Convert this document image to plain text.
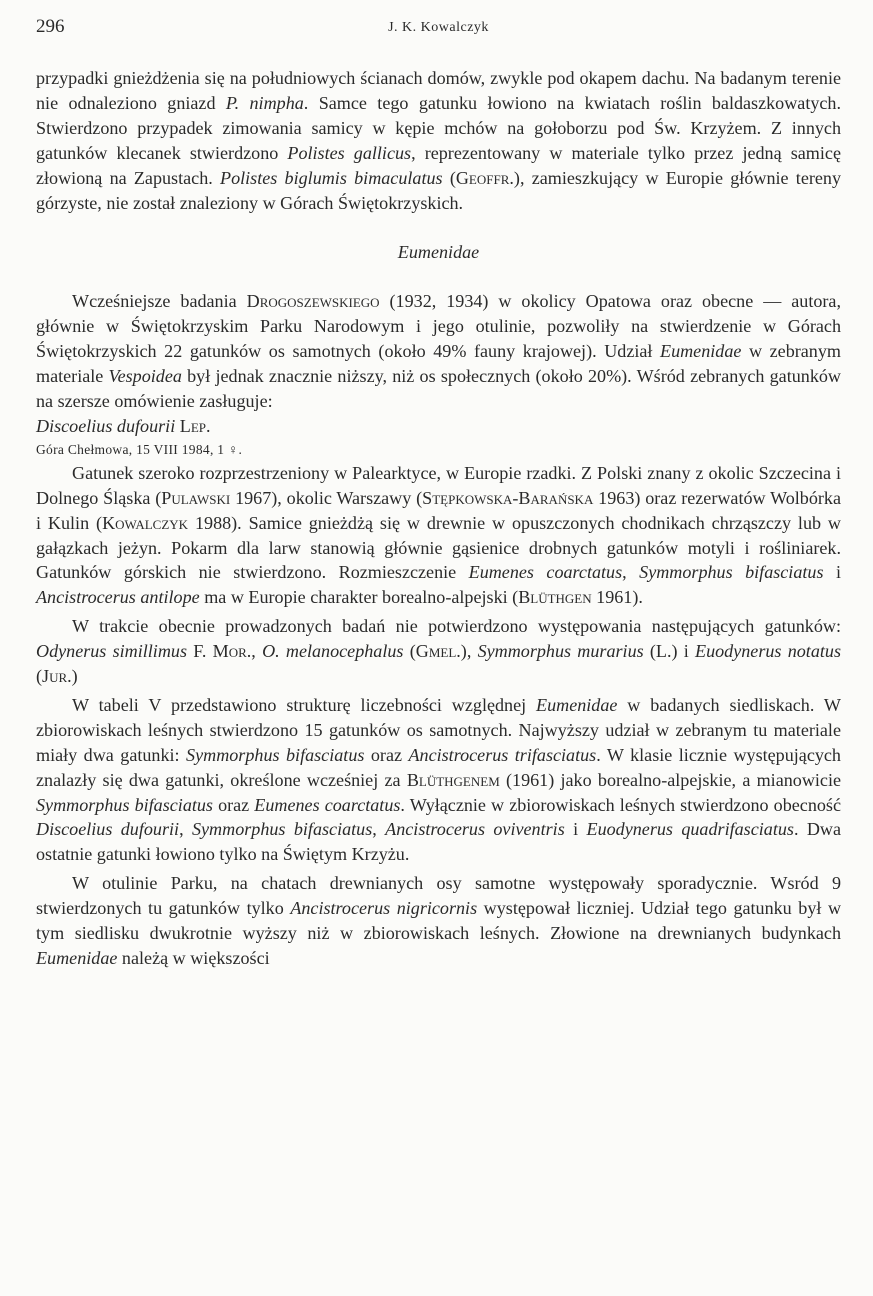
296	J. K. Kowalczyk

przypadki gnieżdżenia się na południowych ścianach domów, zwykle pod okapem dachu. Na badanym terenie nie odnaleziono gniazd P. nimpha. Samce tego gatunku łowiono na kwiatach roślin baldaszkowatych. Stwierdzono przypadek zimowania samicy w kępie mchów na gołoborzu pod Św. Krzyżem. Z innych gatunków klecanek stwierdzono Polistes gallicus, reprezentowany w materiale tylko przez jedną samicę złowioną na Zapustach. Polistes biglumis bimaculatus (Geoffr.), zamieszkujący w Europie głównie tereny górzyste, nie został znaleziony w Górach Świętokrzyskich.

Eumenidae

Wcześniejsze badania Drogoszewskiego (1932, 1934) w okolicy Opatowa oraz obecne — autora, głównie w Świętokrzyskim Parku Narodowym i jego otulinie, pozwoliły na stwierdzenie w Górach Świętokrzyskich 22 gatunków os samotnych (około 49% fauny krajowej). Udział Eumenidae w zebranym materiale Vespoidea był jednak znacznie niższy, niż os społecznych (około 20%). Wśród zebranych gatunków na szersze omówienie zasługuje:

Discoelius dufourii Lep.

Góra Chełmowa, 15 VIII 1984, 1 ♀.

Gatunek szeroko rozprzestrzeniony w Palearktyce, w Europie rzadki. Z Polski znany z okolic Szczecina i Dolnego Śląska (Pulawski 1967), okolic Warszawy (Stępkowska-Barańska 1963) oraz rezerwatów Wolbórka i Kulin (Kowalczyk 1988). Samice gnieżdżą się w drewnie w opuszczonych chodnikach chrząszczy lub w gałązkach jeżyn. Pokarm dla larw stanowią głównie gąsienice drobnych gatunków motyli i rośliniarek. Gatunków górskich nie stwierdzono. Rozmieszczenie Eumenes coarctatus, Symmorphus bifasciatus i Ancistrocerus antilope ma w Europie charakter borealno-alpejski (Blüthgen 1961).

W trakcie obecnie prowadzonych badań nie potwierdzono występowania następujących gatunków: Odynerus simillimus F. Mor., O. melanocephalus (Gmel.), Symmorphus murarius (L.) i Euodynerus notatus (Jur.)

W tabeli V przedstawiono strukturę liczebności względnej Eumenidae w badanych siedliskach. W zbiorowiskach leśnych stwierdzono 15 gatunków os samotnych. Najwyższy udział w zebranym tu materiale miały dwa gatunki: Symmorphus bifasciatus oraz Ancistrocerus trifasciatus. W klasie licznie występujących znalazły się dwa gatunki, określone wcześniej za Blüthgenem (1961) jako borealno-alpejskie, a mianowicie Symmorphus bifasciatus oraz Eumenes coarctatus. Wyłącznie w zbiorowiskach leśnych stwierdzono obecność Discoelius dufourii, Symmorphus bifasciatus, Ancistrocerus oviventris i Euodynerus quadrifasciatus. Dwa ostatnie gatunki łowiono tylko na Świętym Krzyżu.

W otulinie Parku, na chatach drewnianych osy samotne występowały sporadycznie. Wsród 9 stwierdzonych tu gatunków tylko Ancistrocerus nigricornis występował liczniej. Udział tego gatunku był w tym siedlisku dwukrotnie wyższy niż w zbiorowiskach leśnych. Złowione na drewnianych budynkach Eumenidae należą w większości
